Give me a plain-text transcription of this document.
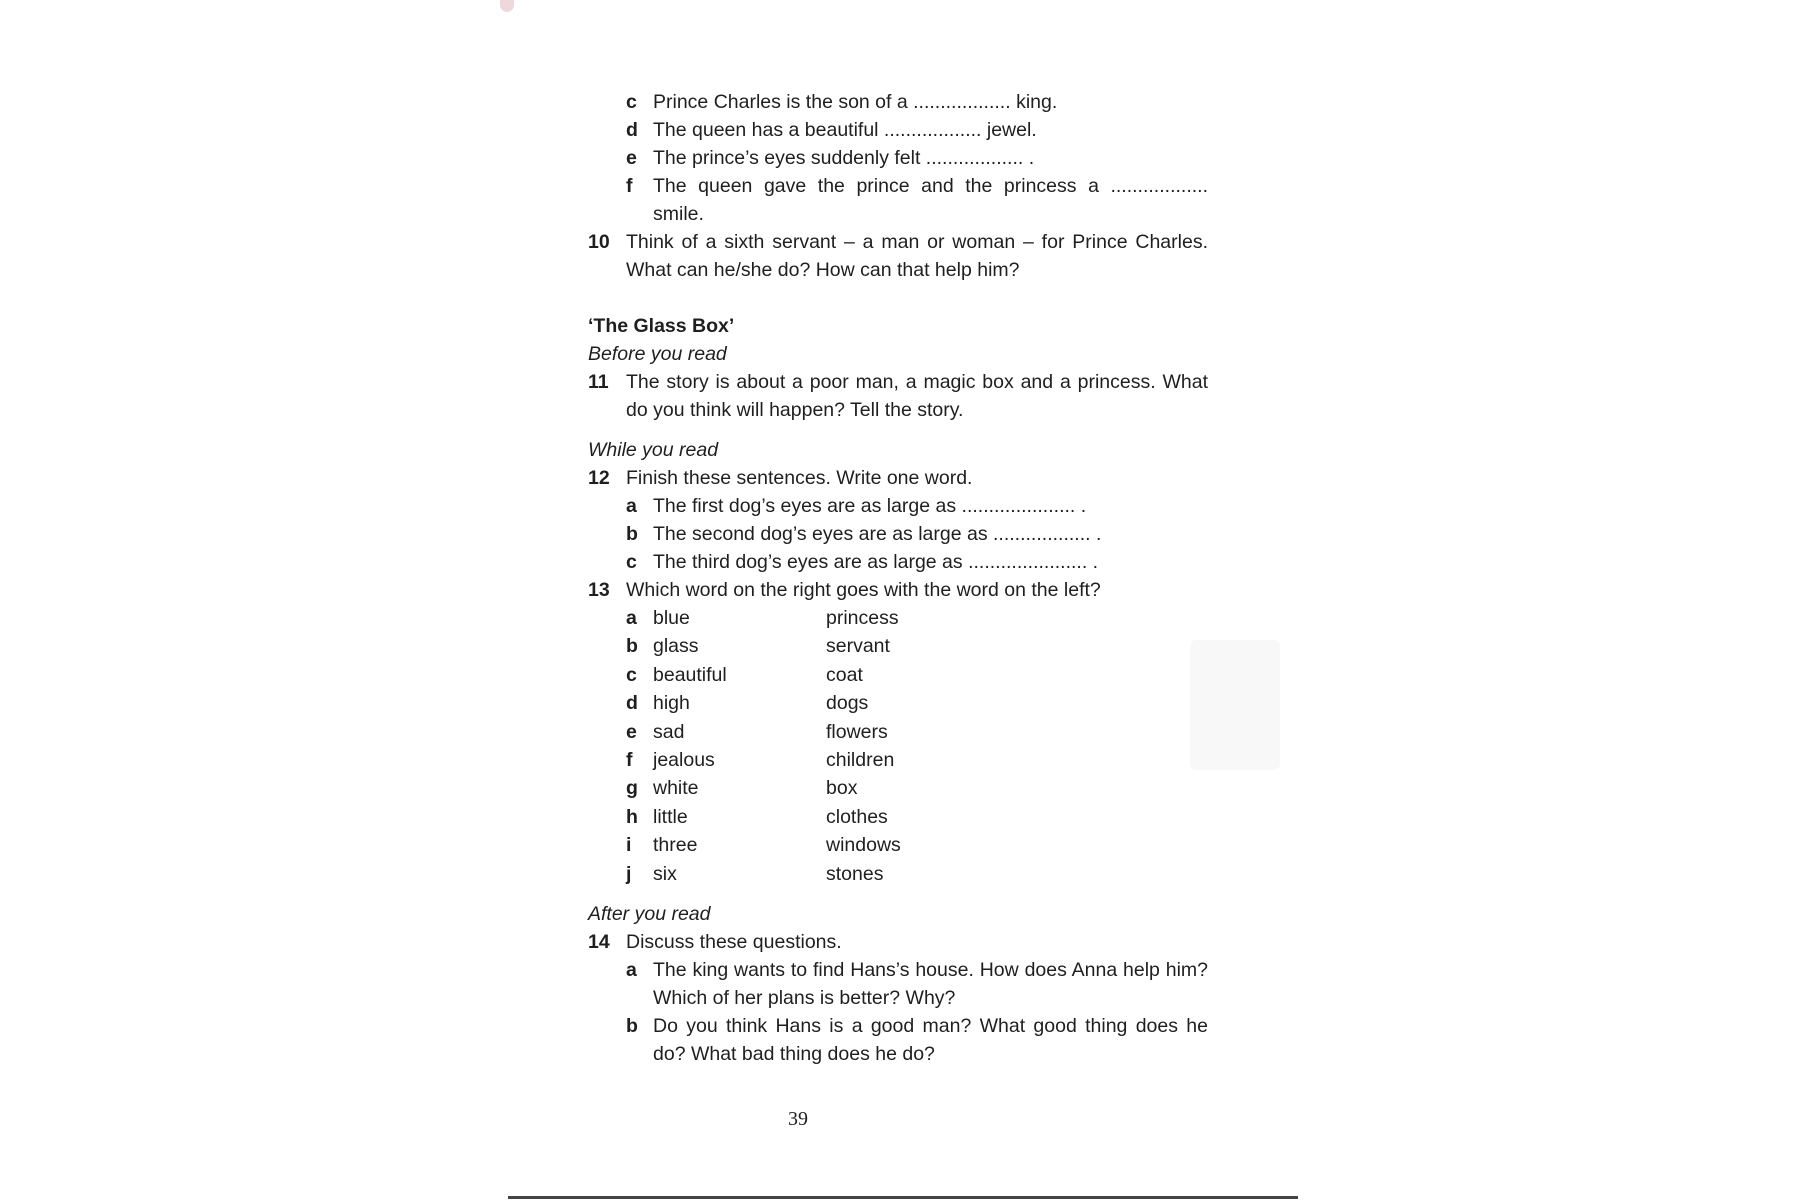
c Prince Charles is the son of a .................. king.
d The queen has a beautiful .................. jewel.
e The prince’s eyes suddenly felt .................. .
f	The queen gave the prince and the princess a .................. smile.
10 Think of a sixth servant – a man or woman – for Prince Charles. What can he/she do? How can that help him?
‘The Glass Box’
Before you read
11 The story is about a poor man, a magic box and a princess. What do you think will happen? Tell the story.
While you read
12 Finish these sentences. Write one word.
a The first dog’s eyes are as large as ..................... .
b The second dog’s eyes are as large as .................. .
c The third dog’s eyes are as large as ...................... .
13 Which word on the right goes with the word on the left?
a blue	princess
b glass	servant
c beautiful	coat
d high	dogs
e sad	flowers
f	jealous	children
g white	box
h little	clothes
i	three	windows
j	six	stones
After you read
14 Discuss these questions.
a The king wants to find Hans’s house. How does Anna help him? Which of her plans is better? Why?
b Do you think Hans is a good man? What good thing does he do? What bad thing does he do?
39
